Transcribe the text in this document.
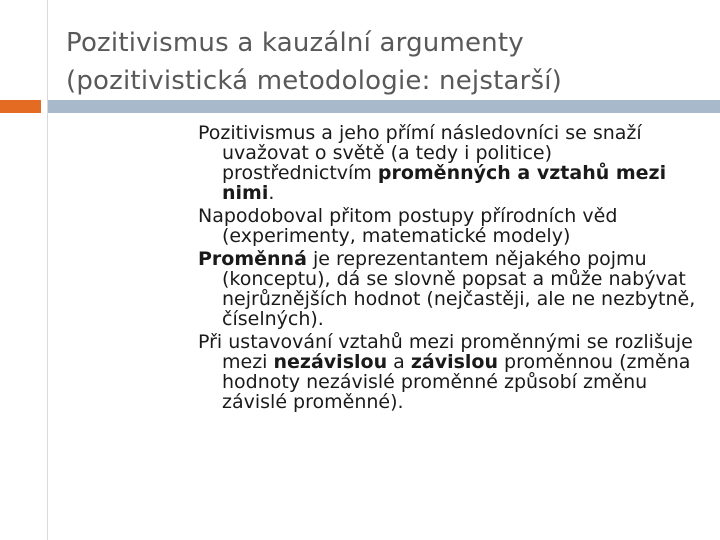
Pozitivismus a kauzální argumenty
(pozitivistická metodologie: nejstarší)

Pozitivismus a jeho přímí následovníci se snaží uvažovat o světě (a tedy i politice) prostřednictvím proměnných a vztahů mezi nimi.

Napodoboval přitom postupy přírodních věd (experimenty, matematické modely)

Proměnná je reprezentantem nějakého pojmu (konceptu), dá se slovně popsat a může nabývat nejrůznějších hodnot (nejčastěji, ale ne nezbytně, číselných).

Při ustavování vztahů mezi proměnnými se rozlišuje mezi nezávislou a závislou proměnnou (změna hodnoty nezávislé proměnné způsobí změnu závislé proměnné).
